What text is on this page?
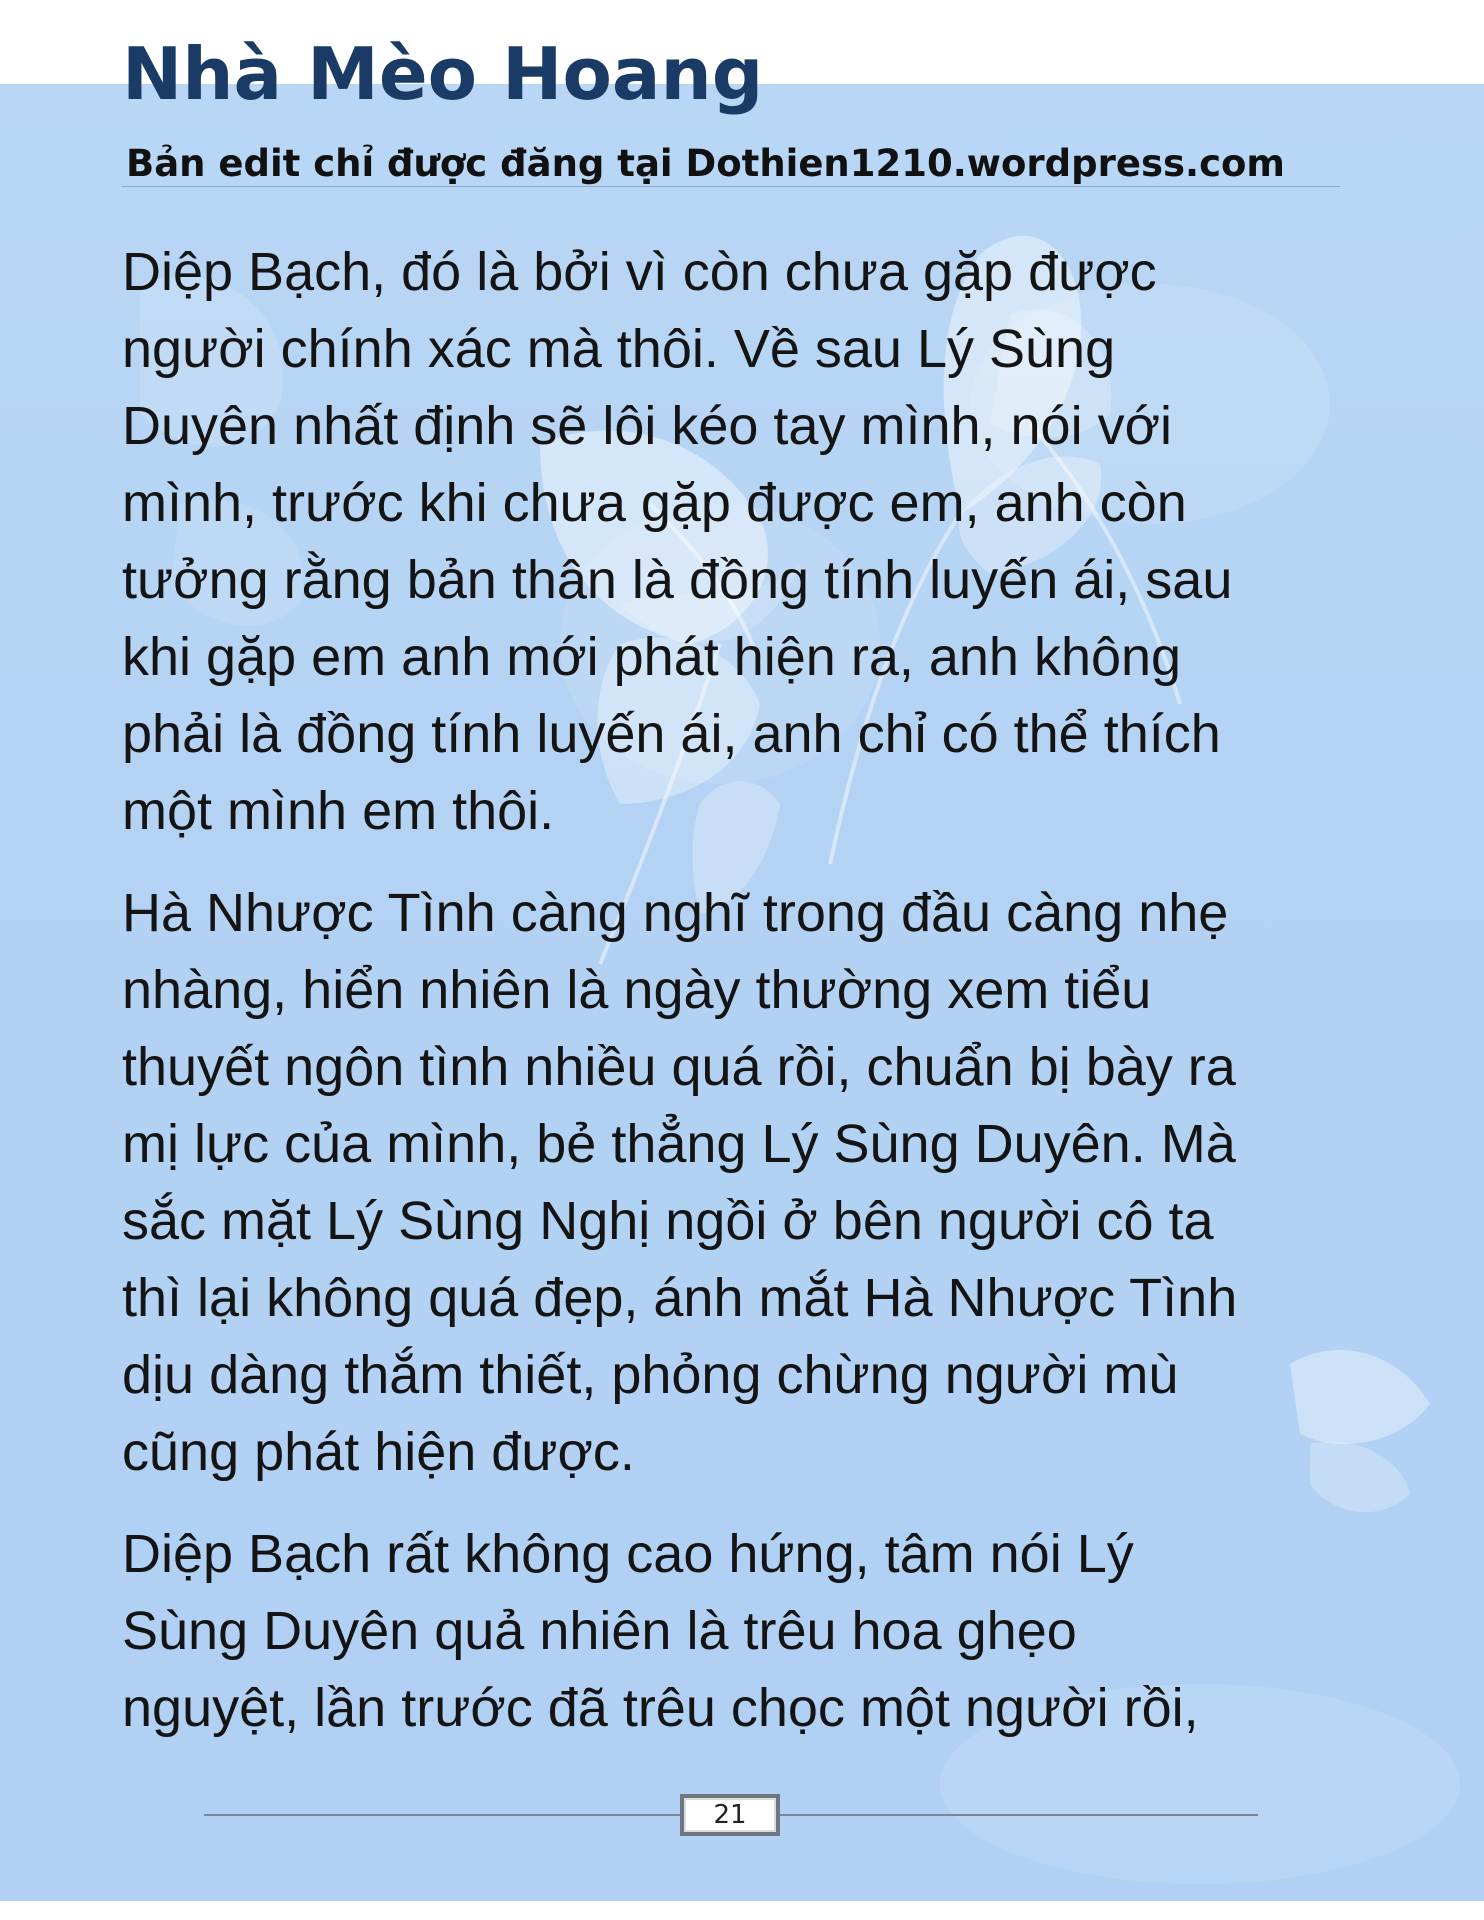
Nhà Mèo Hoang
Bản edit chỉ được đăng tại Dothien1210.wordpress.com

Diệp Bạch, đó là bởi vì còn chưa gặp được
người chính xác mà thôi. Về sau Lý Sùng
Duyên nhất định sẽ lôi kéo tay mình, nói với
mình, trước khi chưa gặp được em, anh còn
tưởng rằng bản thân là đồng tính luyến ái, sau
khi gặp em anh mới phát hiện ra, anh không
phải là đồng tính luyến ái, anh chỉ có thể thích
một mình em thôi.

Hà Nhược Tình càng nghĩ trong đầu càng nhẹ
nhàng, hiển nhiên là ngày thường xem tiểu
thuyết ngôn tình nhiều quá rồi, chuẩn bị bày ra
mị lực của mình, bẻ thẳng Lý Sùng Duyên. Mà
sắc mặt Lý Sùng Nghị ngồi ở bên người cô ta
thì lại không quá đẹp, ánh mắt Hà Nhược Tình
dịu dàng thắm thiết, phỏng chừng người mù
cũng phát hiện được.

Diệp Bạch rất không cao hứng, tâm nói Lý
Sùng Duyên quả nhiên là trêu hoa ghẹo
nguyệt, lần trước đã trêu chọc một người rồi,

21
